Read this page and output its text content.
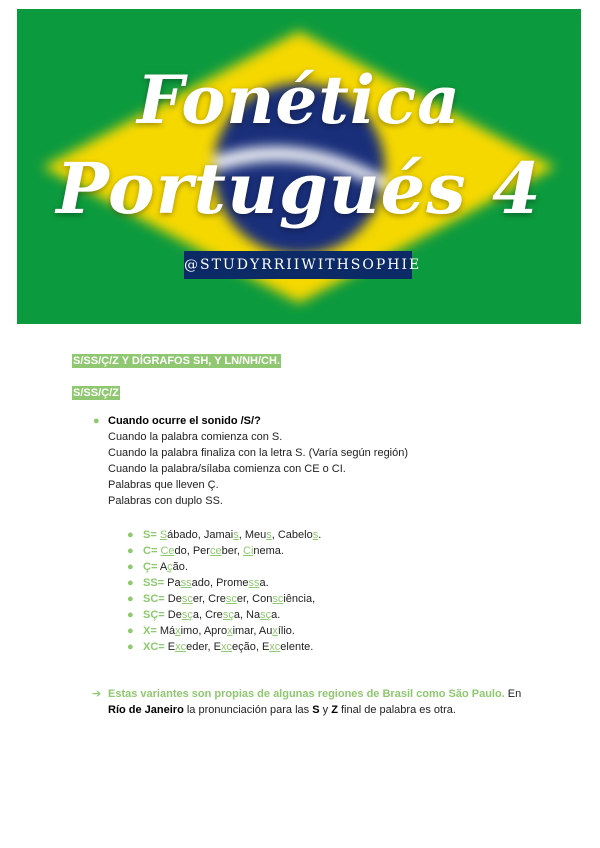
Fonética
Portugués 4
@STUDYRRIIWITHSOPHIE
S/SS/Ç/Z Y DÍGRAFOS SH, Y LN/NH/CH.
S/SS/Ç/Z
● Cuando ocurre el sonido /S/?
Cuando la palabra comienza con S.
Cuando la palabra finaliza con la letra S. (Varía según región)
Cuando la palabra/sílaba comienza con CE o CI.
Palabras que lleven Ç.
Palabras con duplo SS.
● S= Sábado, Jamais, Meus, Cabelos.
● C= Cedo, Perceber, Cinema.
● Ç= Ação.
● SS= Passado, Promessa.
● SC= Descer, Crescer, Consciência,
● SÇ= Desça, Cresça, Nasça.
● X= Máximo, Aproximar, Auxílio.
● XC= Exceder, Exceção, Excelente.
➔ Estas variantes son propias de algunas regiones de Brasil como São Paulo. En Río de Janeiro la pronunciación para las S y Z final de palabra es otra.
